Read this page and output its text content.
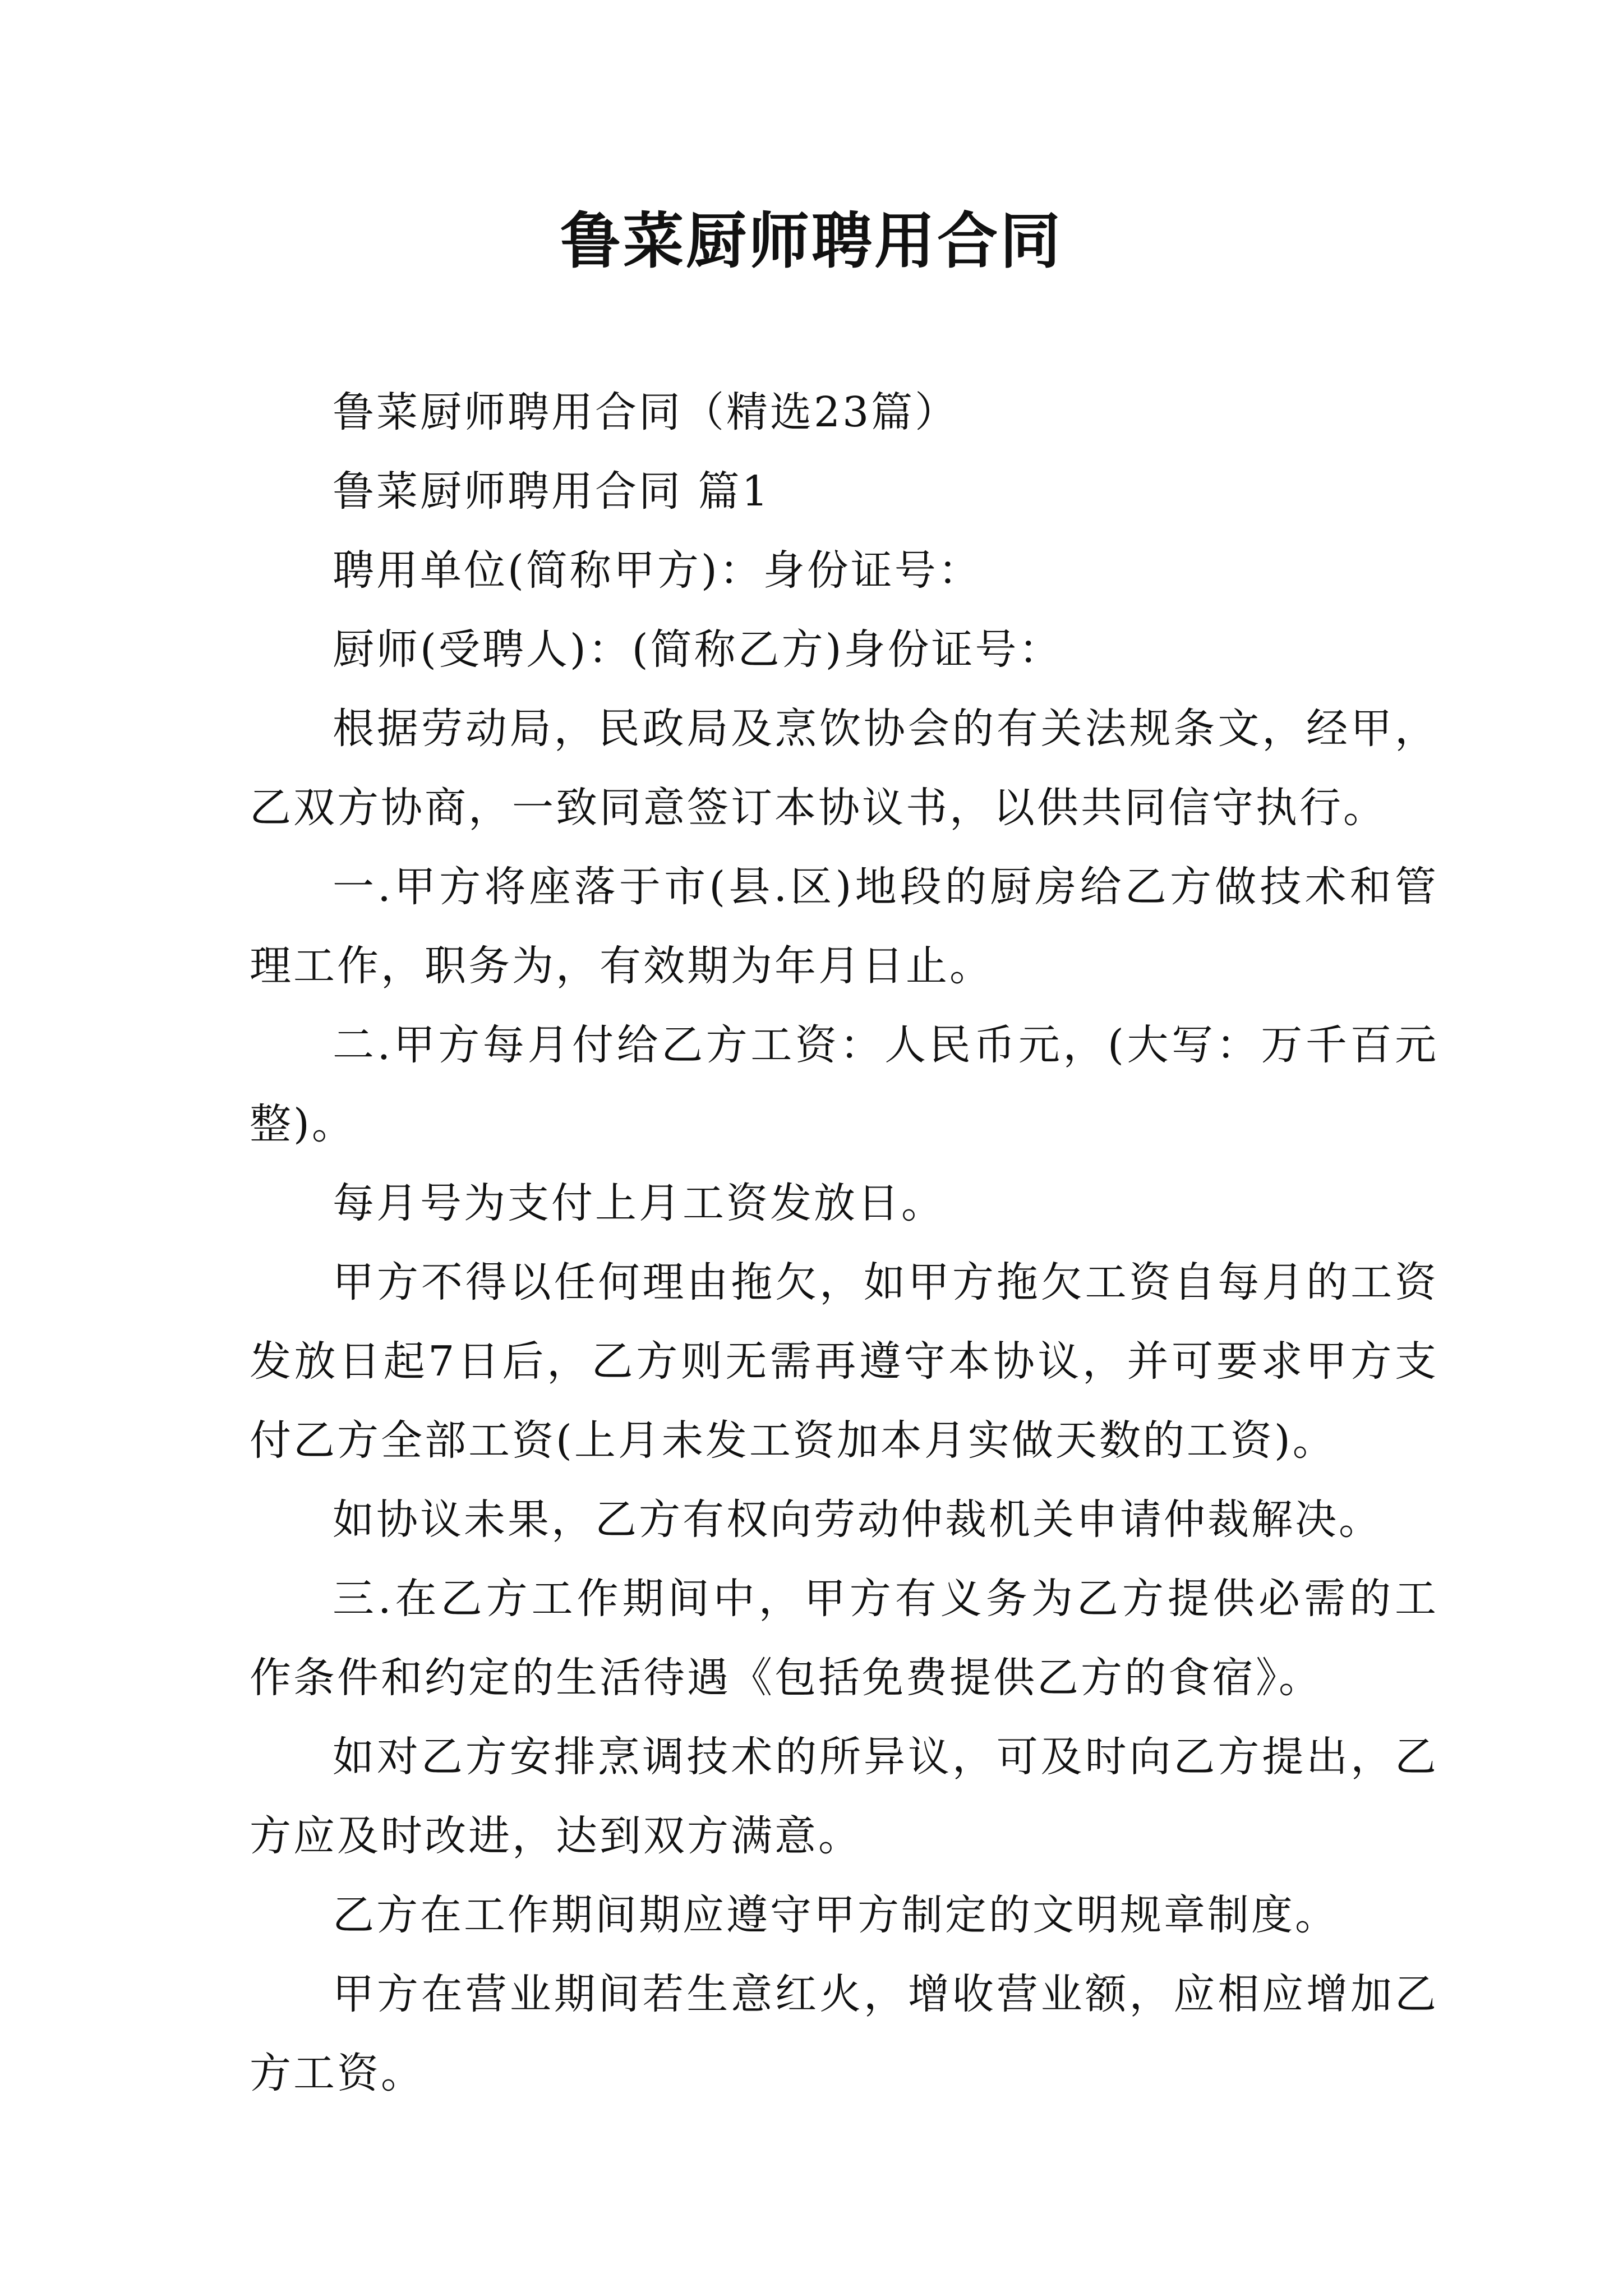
鲁菜厨师聘用合同

鲁菜厨师聘用合同（精选23篇）

鲁菜厨师聘用合同 篇1

聘用单位(简称甲方)：身份证号：

厨师(受聘人)：(简称乙方)身份证号：

根据劳动局，民政局及烹饮协会的有关法规条文，经甲，乙双方协商，一致同意签订本协议书，以供共同信守执行。

一.甲方将座落于市(县.区)地段的厨房给乙方做技术和管理工作，职务为，有效期为年月日止。

二.甲方每月付给乙方工资：人民币元，(大写：万千百元整)。

每月号为支付上月工资发放日。

甲方不得以任何理由拖欠，如甲方拖欠工资自每月的工资发放日起7日后，乙方则无需再遵守本协议，并可要求甲方支付乙方全部工资(上月未发工资加本月实做天数的工资)。

如协议未果，乙方有权向劳动仲裁机关申请仲裁解决。

三.在乙方工作期间中，甲方有义务为乙方提供必需的工作条件和约定的生活待遇《包括免费提供乙方的食宿》。

如对乙方安排烹调技术的所异议，可及时向乙方提出，乙方应及时改进，达到双方满意。

乙方在工作期间期应遵守甲方制定的文明规章制度。

甲方在营业期间若生意红火，增收营业额，应相应增加乙方工资。
